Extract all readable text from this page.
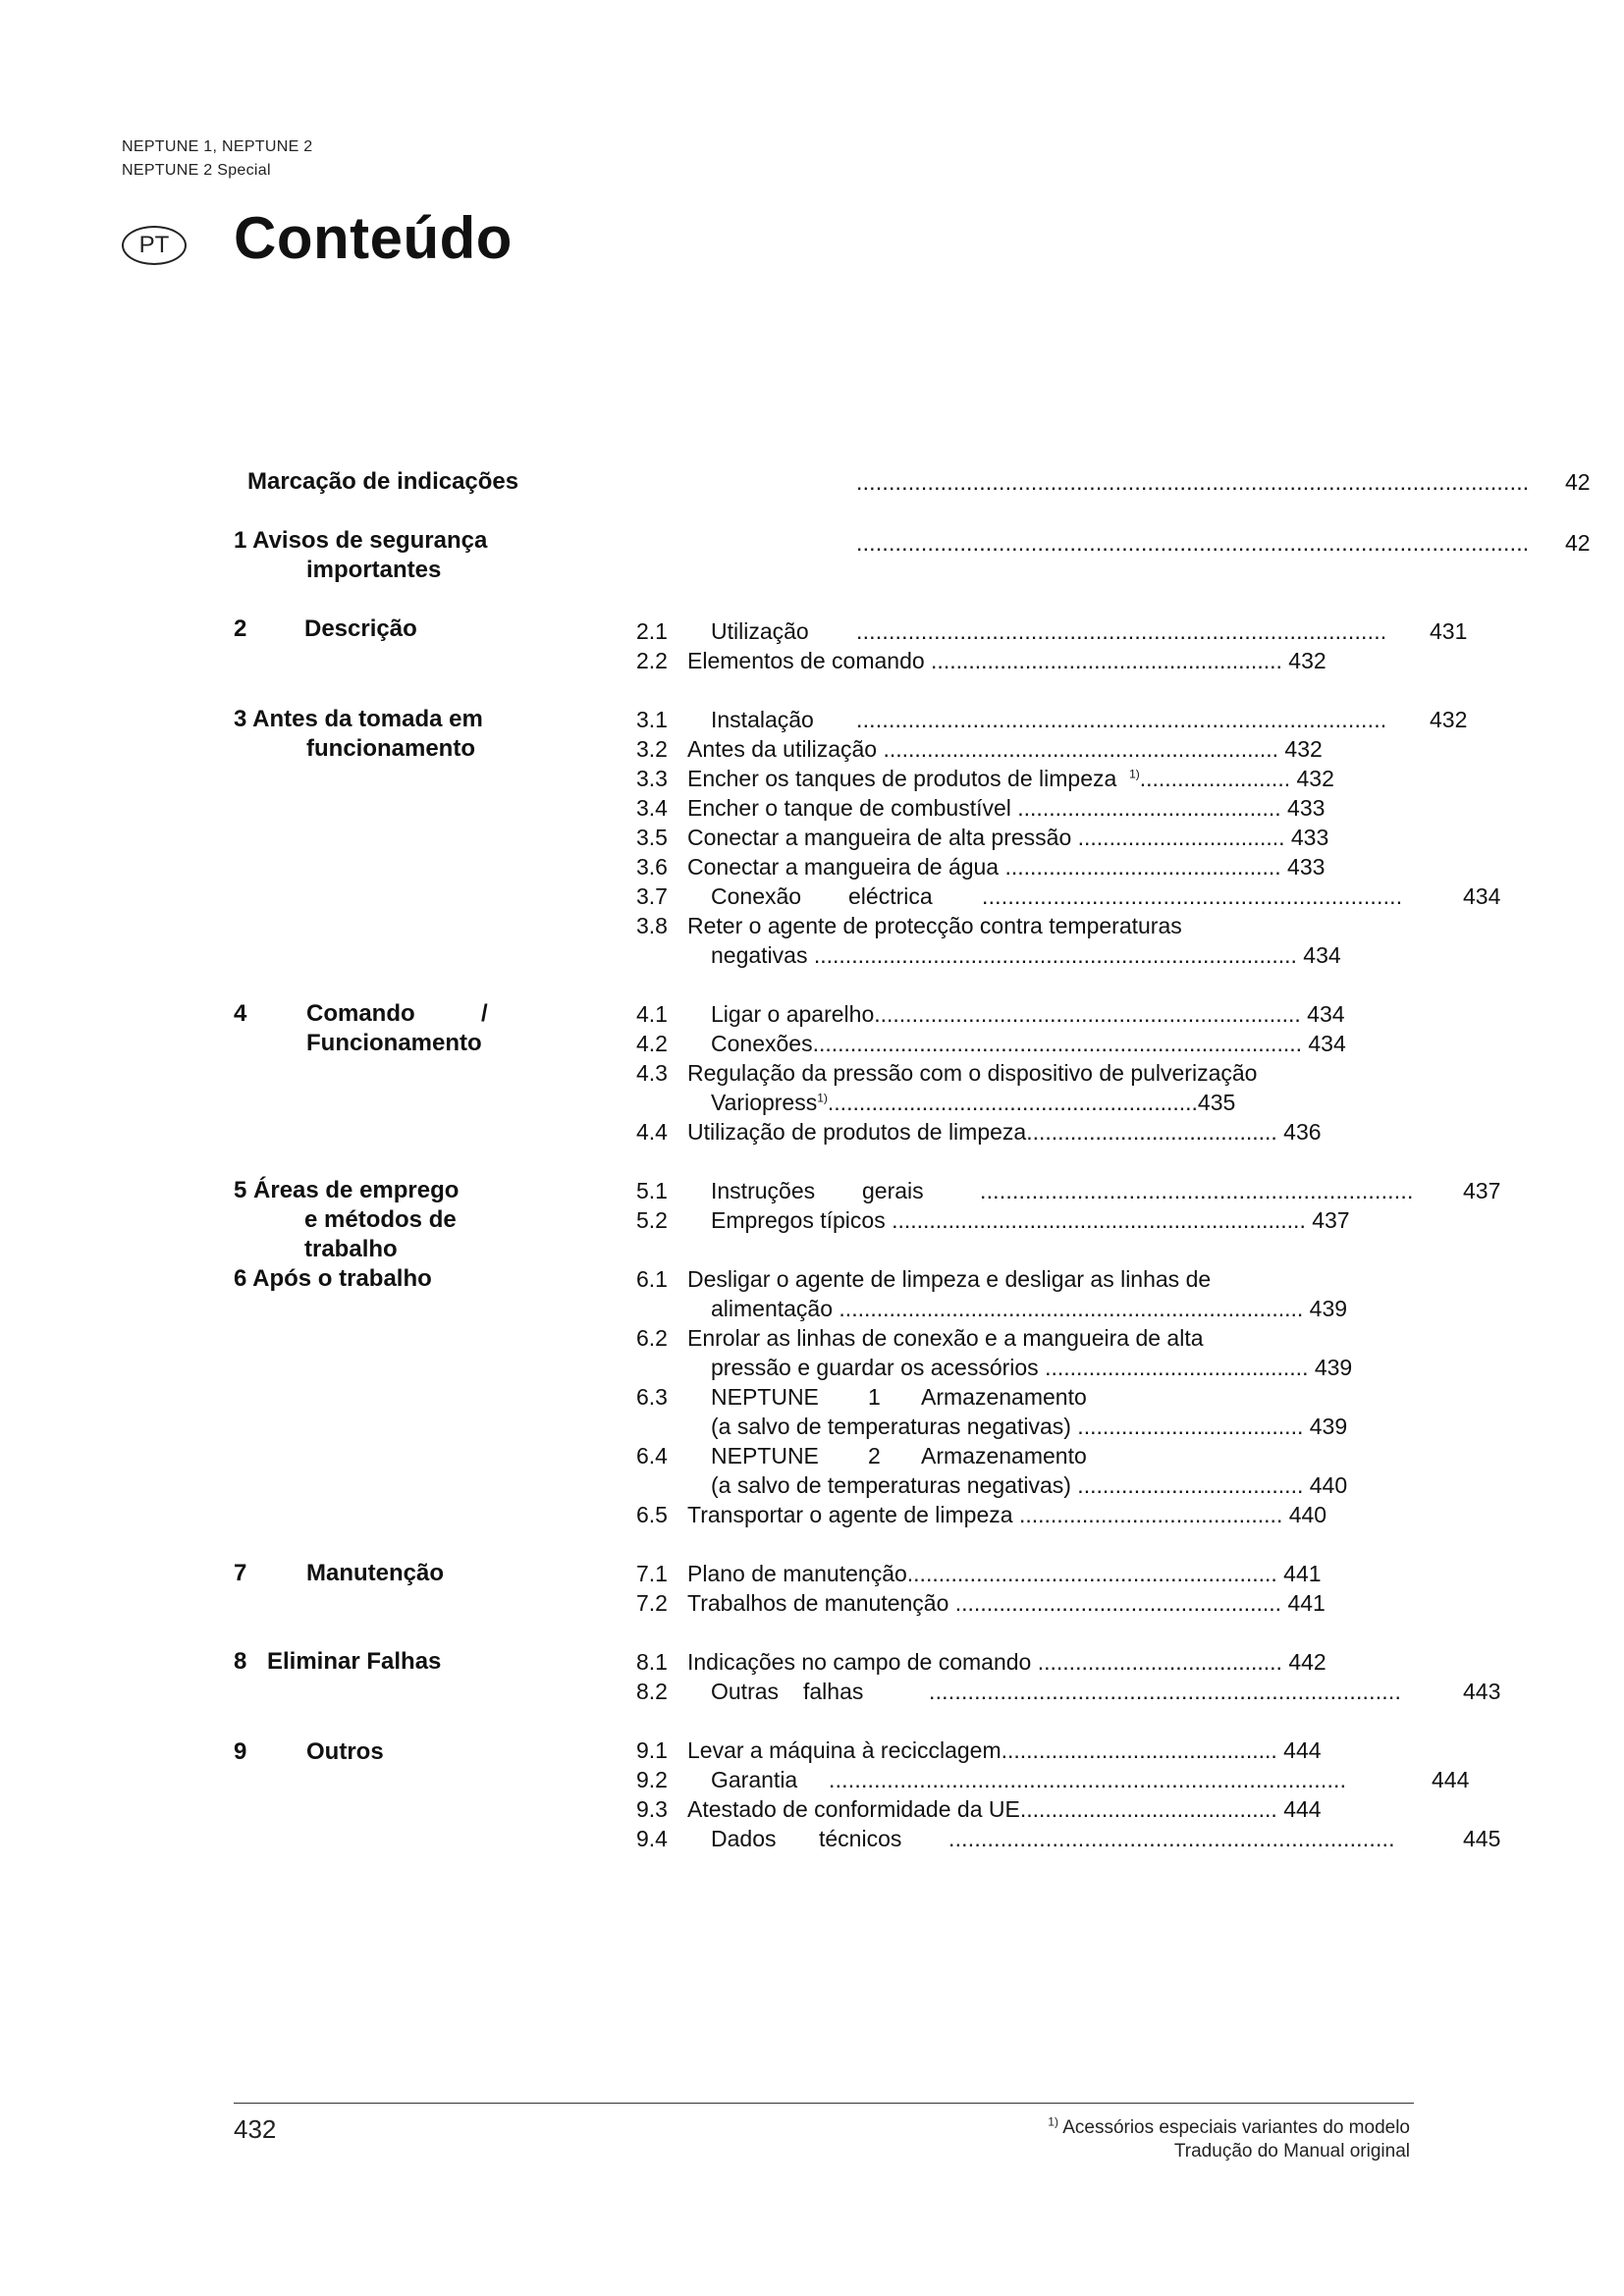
NEPTUNE 1, NEPTUNE 2
NEPTUNE 2 Special
PT Conteúdo
Marcação de indicações	........................................................................................................ 42
1 Avisos de segurança
importantes
........................................................................................................ 42
2 Descrição	2.1 Utilização .................................................................................. 431
2.2 Elementos de comando ........................................................ 432
3 Antes da tomada em
funcionamento
3.1 Instalação .................................................................................. 432
3.2 Antes da utilização ............................................................... 432
3.3 Encher os tanques de produtos de limpeza $^{1)}$........................ 432
3.4 Encher o tanque de combustível .......................................... 433
3.5 Conectar a mangueira de alta pressão ................................. 433
3.6 Conectar a mangueira de água ............................................ 433
3.7 Conexão eléctrica .................................................................	434
3.8 Reter o agente de protecção contra temperaturas
negativas ............................................................................. 434
4	Comando	/
Funcionamento
4.1 Ligar o aparelho.................................................................... 434
4.2 Conexões.............................................................................. 434
4.3 Regulação da pressão com o dispositivo de pulverização
Variopress$^{1)}$...........................................................435
4.4 Utilização de produtos de limpeza........................................ 436
5 Áreas de emprego
e métodos de
trabalho
5.1 Instruções gerais ................................................................... 437
5.2 Empregos típicos .................................................................. 437
6 Após o trabalho	6.1 Desligar o agente de limpeza e desligar as linhas de
alimentação .......................................................................... 439
6.2 Enrolar as linhas de conexão e a mangueira de alta
pressão e guardar os acessórios .......................................... 439
6.3 NEPTUNE 1 Armazenamento
(a salvo de temperaturas negativas) .................................... 439
6.4 NEPTUNE 2 Armazenamento
(a salvo de temperaturas negativas) .................................... 440
6.5 Transportar o agente de limpeza .......................................... 440
7	Manutenção	7.1 Plano de manutenção........................................................... 441
7.2 Trabalhos de manutenção .................................................... 441
8 Eliminar Falhas	8.1 Indicações no campo de comando ....................................... 442
8.2 Outras falhas	.........................................................................	443
9	Outros	9.1 Levar a máquina à recicclagem............................................ 444
9.2 Garantia ................................................................................	444
9.3 Atestado de conformidade da UE......................................... 444
9.4 Dados técnicos .....................................................................	445
432	$^{1)}$ Acessórios especiais variantes do modelo
Tradução do Manual original
